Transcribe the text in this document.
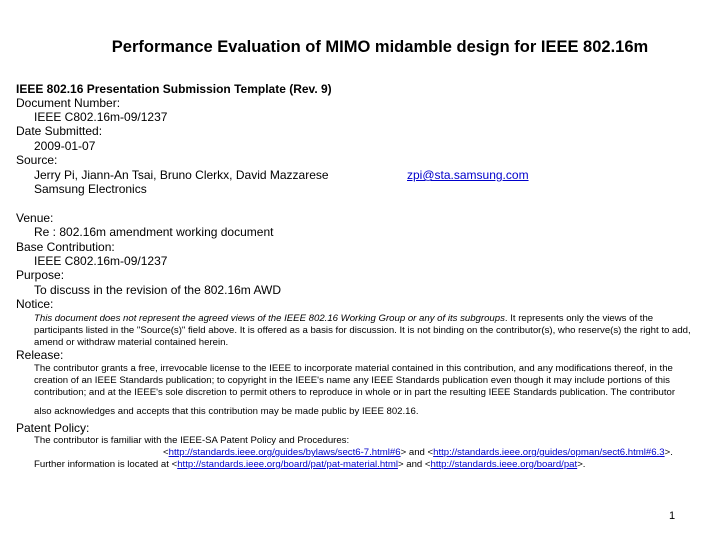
Performance Evaluation of MIMO midamble design for IEEE 802.16m
IEEE 802.16 Presentation Submission Template (Rev. 9)
Document Number:
IEEE C802.16m-09/1237
Date Submitted:
2009-01-07
Source:
Jerry Pi, Jiann-An Tsai, Bruno Clerkx, David Mazzarese	zpi@sta.samsung.com
Samsung Electronics
Venue:
Re : 802.16m amendment working document
Base Contribution:
IEEE C802.16m-09/1237
Purpose:
To discuss in the revision of the 802.16m AWD
Notice:
This document does not represent the agreed views of the IEEE 802.16 Working Group or any of its subgroups. It represents only the views of the participants listed in the "Source(s)" field above. It is offered as a basis for discussion. It is not binding on the contributor(s), who reserve(s) the right to add, amend or withdraw material contained herein.
Release:
The contributor grants a free, irrevocable license to the IEEE to incorporate material contained in this contribution, and any modifications thereof, in the creation of an IEEE Standards publication; to copyright in the IEEE's name any IEEE Standards publication even though it may include portions of this contribution; and at the IEEE's sole discretion to permit others to reproduce in whole or in part the resulting IEEE Standards publication. The contributor
also acknowledges and accepts that this contribution may be made public by IEEE 802.16.
Patent Policy:
The contributor is familiar with the IEEE-SA Patent Policy and Procedures:
<http://standards.ieee.org/guides/bylaws/sect6-7.html#6> and <http://standards.ieee.org/guides/opman/sect6.html#6.3>.
Further information is located at <http://standards.ieee.org/board/pat/pat-material.html> and <http://standards.ieee.org/board/pat>.
1
